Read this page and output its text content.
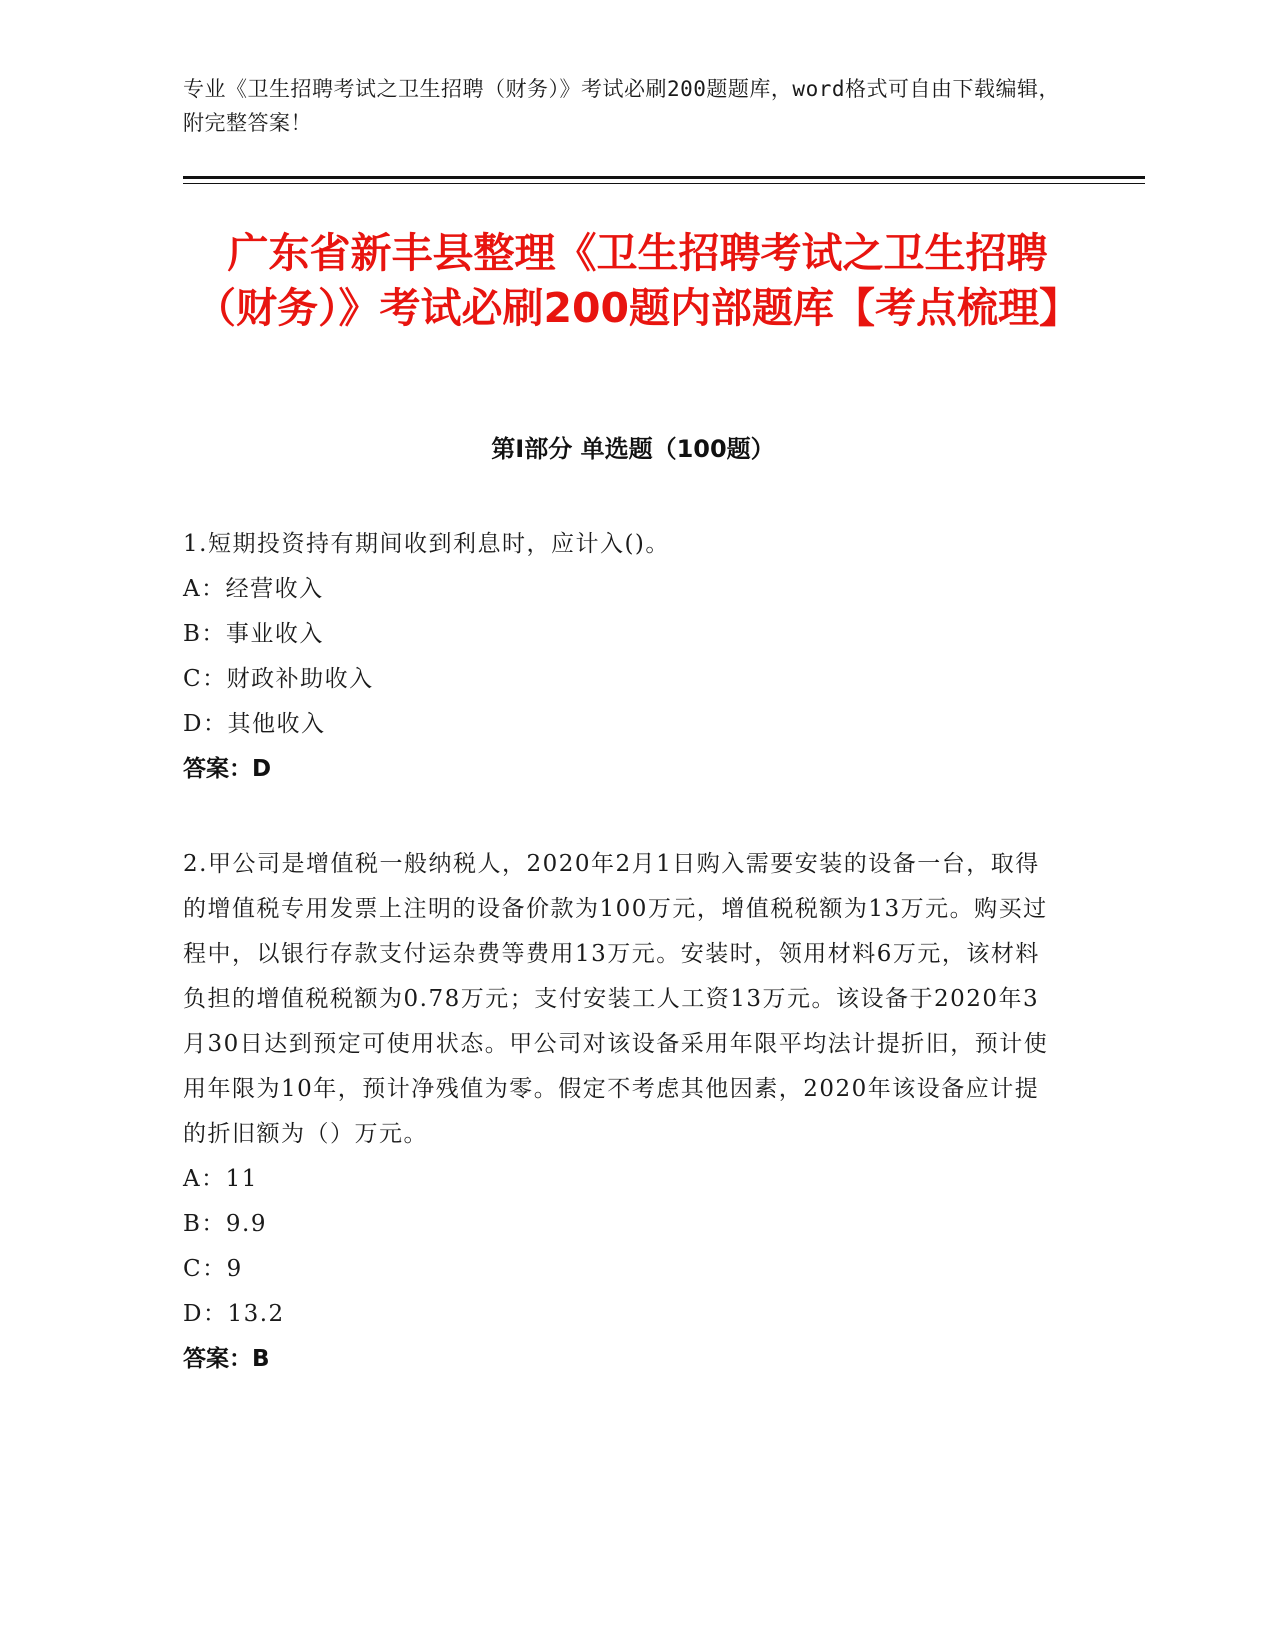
专业《卫生招聘考试之卫生招聘（财务）》考试必刷200题题库，word格式可自由下载编辑，附完整答案！
广东省新丰县整理《卫生招聘考试之卫生招聘（财务）》考试必刷200题内部题库【考点梳理】
第I部分 单选题（100题）

1.短期投资持有期间收到利息时，应计入()。

A：经营收入
B：事业收入
C：财政补助收入
D：其他收入
答案：D

2.甲公司是增值税一般纳税人，2020年2月1日购入需要安装的设备一台，取得的增值税专用发票上注明的设备价款为100万元，增值税税额为13万元。购买过程中，以银行存款支付运杂费等费用13万元。安装时，领用材料6万元，该材料负担的增值税税额为0.78万元；支付安装工人工资13万元。该设备于2020年3月30日达到预定可使用状态。甲公司对该设备采用年限平均法计提折旧，预计使用年限为10年，预计净残值为零。假定不考虑其他因素，2020年该设备应计提的折旧额为（）万元。

A：11
B：9.9
C：9
D：13.2
答案：B
